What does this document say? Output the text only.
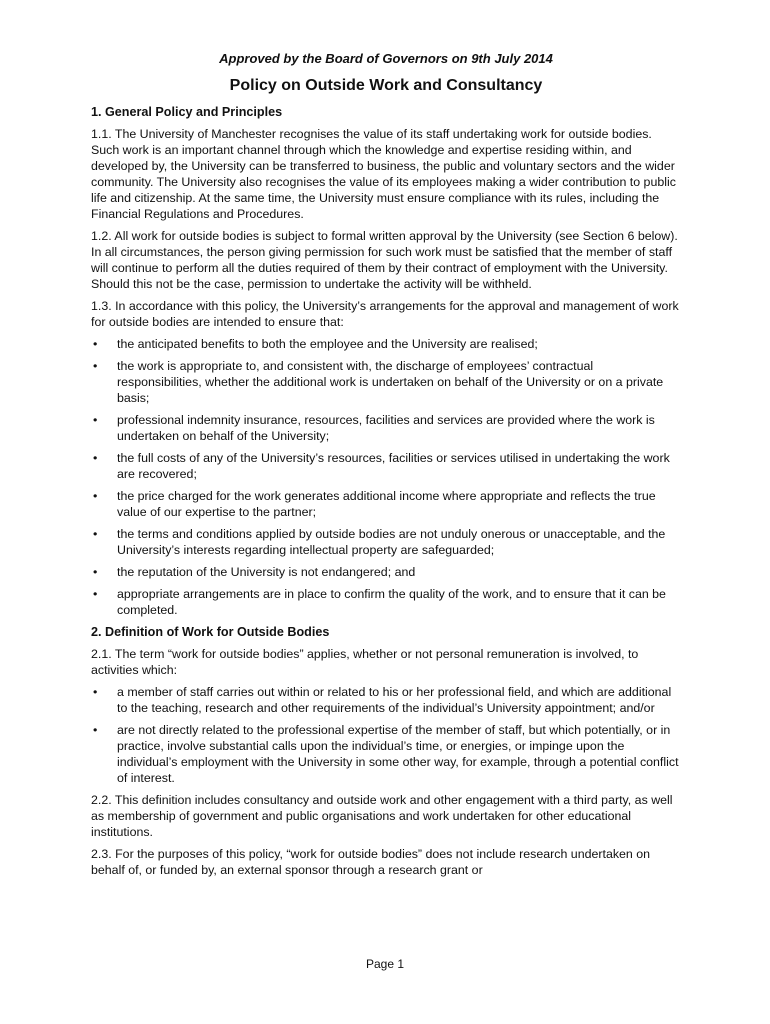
Approved by the Board of Governors on 9th July 2014

Policy on Outside Work and Consultancy
1. General Policy and Principles

1.1. The University of Manchester recognises the value of its staff undertaking work for outside bodies. Such work is an important channel through which the knowledge and expertise residing within, and developed by, the University can be transferred to business, the public and voluntary sectors and the wider community. The University also recognises the value of its employees making a wider contribution to public life and citizenship. At the same time, the University must ensure compliance with its rules, including the Financial Regulations and Procedures.

1.2. All work for outside bodies is subject to formal written approval by the University (see Section 6 below). In all circumstances, the person giving permission for such work must be satisfied that the member of staff will continue to perform all the duties required of them by their contract of employment with the University. Should this not be the case, permission to undertake the activity will be withheld.

1.3. In accordance with this policy, the University’s arrangements for the approval and management of work for outside bodies are intended to ensure that:

• the anticipated benefits to both the employee and the University are realised;
• the work is appropriate to, and consistent with, the discharge of employees’ contractual responsibilities, whether the additional work is undertaken on behalf of the University or on a private basis;
• professional indemnity insurance, resources, facilities and services are provided where the work is undertaken on behalf of the University;
• the full costs of any of the University’s resources, facilities or services utilised in undertaking the work are recovered;
• the price charged for the work generates additional income where appropriate and reflects the true value of our expertise to the partner;
• the terms and conditions applied by outside bodies are not unduly onerous or unacceptable, and the University’s interests regarding intellectual property are safeguarded;
• the reputation of the University is not endangered; and
• appropriate arrangements are in place to confirm the quality of the work, and to ensure that it can be completed.
2. Definition of Work for Outside Bodies

2.1. The term “work for outside bodies” applies, whether or not personal remuneration is involved, to activities which:

• a member of staff carries out within or related to his or her professional field, and which are additional to the teaching, research and other requirements of the individual’s University appointment; and/or
• are not directly related to the professional expertise of the member of staff, but which potentially, or in practice, involve substantial calls upon the individual’s time, or energies, or impinge upon the individual’s employment with the University in some other way, for example, through a potential conflict of interest.

2.2. This definition includes consultancy and outside work and other engagement with a third party, as well as membership of government and public organisations and work undertaken for other educational institutions.

2.3. For the purposes of this policy, “work for outside bodies” does not include research undertaken on behalf of, or funded by, an external sponsor through a research grant or

Page 1
